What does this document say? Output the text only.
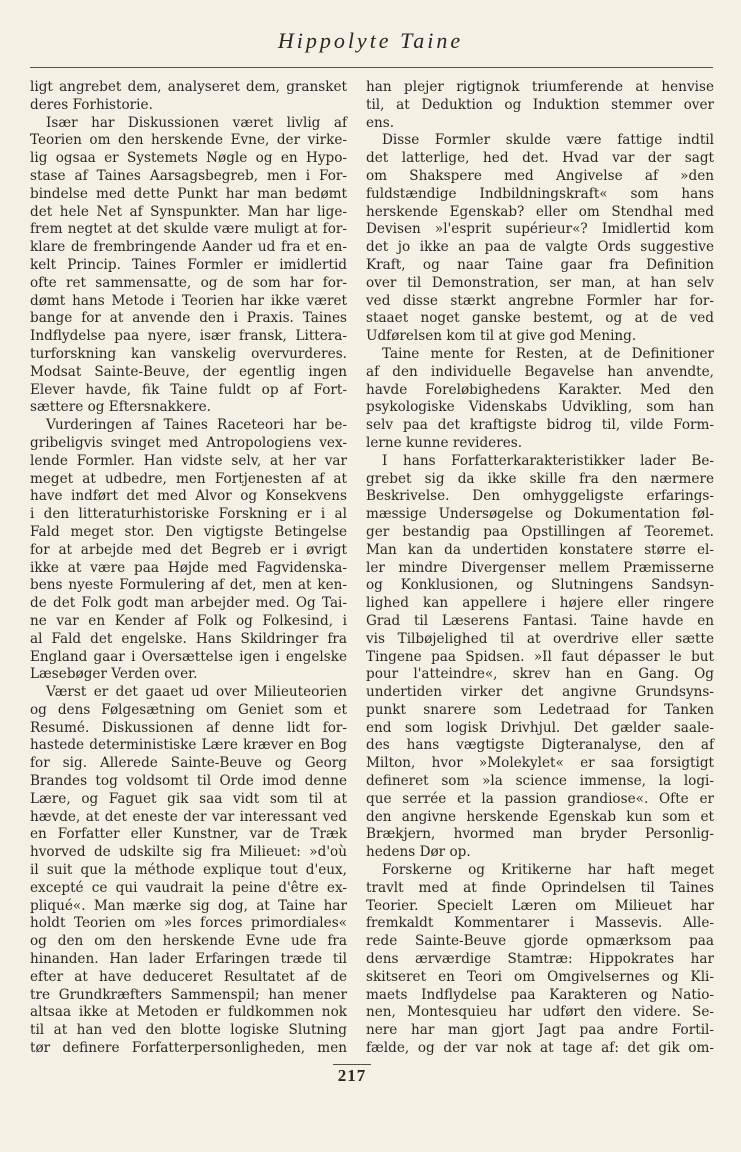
Hippolyte Taine
ligt angrebet dem, analyseret dem, gransket
deres Forhistorie.
Især har Diskussionen været livlig af
Teorien om den herskende Evne, der virke-
lig ogsaa er Systemets Nøgle og en Hypo-
stase af Taines Aarsagsbegreb, men i For-
bindelse med dette Punkt har man bedømt
det hele Net af Synspunkter. Man har lige-
frem negtet at det skulde være muligt at for-
klare de frembringende Aander ud fra et en-
kelt Princip. Taines Formler er imidlertid
ofte ret sammensatte, og de som har for-
dømt hans Metode i Teorien har ikke været
bange for at anvende den i Praxis. Taines
Indflydelse paa nyere, især fransk, Littera-
turforskning kan vanskelig overvurderes.
Modsat Sainte-Beuve, der egentlig ingen
Elever havde, fik Taine fuldt op af Fort-
sættere og Eftersnakkere.
Vurderingen af Taines Raceteori har be-
gribeligvis svinget med Antropologiens vex-
lende Formler. Han vidste selv, at her var
meget at udbedre, men Fortjenesten af at
have indført det med Alvor og Konsekvens
i den litteraturhistoriske Forskning er i al
Fald meget stor. Den vigtigste Betingelse
for at arbejde med det Begreb er i øvrigt
ikke at være paa Højde med Fagvidenska-
bens nyeste Formulering af det, men at ken-
de det Folk godt man arbejder med. Og Tai-
ne var en Kender af Folk og Folkesind, i
al Fald det engelske. Hans Skildringer fra
England gaar i Oversættelse igen i engelske
Læsebøger Verden over.
Værst er det gaaet ud over Milieuteorien
og dens Følgesætning om Geniet som et
Resumé. Diskussionen af denne lidt for-
hastede deterministiske Lære kræver en Bog
for sig. Allerede Sainte-Beuve og Georg
Brandes tog voldsomt til Orde imod denne
Lære, og Faguet gik saa vidt som til at
hævde, at det eneste der var interessant ved
en Forfatter eller Kunstner, var de Træk
hvorved de udskilte sig fra Milieuet: »d'où
il suit que la méthode explique tout d'eux,
excepté ce qui vaudrait la peine d'être ex-
pliqué«. Man mærke sig dog, at Taine har
holdt Teorien om »les forces primordiales«
og den om den herskende Evne ude fra
hinanden. Han lader Erfaringen træde til
efter at have deduceret Resultatet af de
tre Grundkræfters Sammenspil; han mener
altsaa ikke at Metoden er fuldkommen nok
til at han ved den blotte logiske Slutning
tør definere Forfatterpersonligheden, men
han plejer rigtignok triumferende at henvise
til, at Deduktion og Induktion stemmer over
ens.
Disse Formler skulde være fattige indtil
det latterlige, hed det. Hvad var der sagt
om Shakspere med Angivelse af »den
fuldstændige Indbildningskraft« som hans
herskende Egenskab? eller om Stendhal med
Devisen »l'esprit supérieur«? Imidlertid kom
det jo ikke an paa de valgte Ords suggestive
Kraft, og naar Taine gaar fra Definition
over til Demonstration, ser man, at han selv
ved disse stærkt angrebne Formler har for-
staaet noget ganske bestemt, og at de ved
Udførelsen kom til at give god Mening.
Taine mente for Resten, at de Definitioner
af den individuelle Begavelse han anvendte,
havde Foreløbighedens Karakter. Med den
psykologiske Videnskabs Udvikling, som han
selv paa det kraftigste bidrog til, vilde Form-
lerne kunne revideres.
I hans Forfatterkarakteristikker lader Be-
grebet sig da ikke skille fra den nærmere
Beskrivelse. Den omhyggeligste erfarings-
mæssige Undersøgelse og Dokumentation føl-
ger bestandig paa Opstillingen af Teoremet.
Man kan da undertiden konstatere større el-
ler mindre Divergenser mellem Præmisserne
og Konklusionen, og Slutningens Sandsyn-
lighed kan appellere i højere eller ringere
Grad til Læserens Fantasi. Taine havde en
vis Tilbøjelighed til at overdrive eller sætte
Tingene paa Spidsen. »Il faut dépasser le but
pour l'atteindre«, skrev han en Gang. Og
undertiden virker det angivne Grundsyns-
punkt snarere som Ledetraad for Tanken
end som logisk Drivhjul. Det gælder saale-
des hans vægtigste Digteranalyse, den af
Milton, hvor »Molekylet« er saa forsigtigt
defineret som »la science immense, la logi-
que serrée et la passion grandiose«. Ofte er
den angivne herskende Egenskab kun som et
Brækjern, hvormed man bryder Personlig-
hedens Dør op.
Forskerne og Kritikerne har haft meget
travlt med at finde Oprindelsen til Taines
Teorier. Specielt Læren om Milieuet har
fremkaldt Kommentarer i Massevis. Alle-
rede Sainte-Beuve gjorde opmærksom paa
dens ærværdige Stamtræ: Hippokrates har
skitseret en Teori om Omgivelsernes og Kli-
maets Indflydelse paa Karakteren og Natio-
nen, Montesquieu har udført den videre. Se-
nere har man gjort Jagt paa andre Fortil-
fælde, og der var nok at tage af: det gik om-
217
